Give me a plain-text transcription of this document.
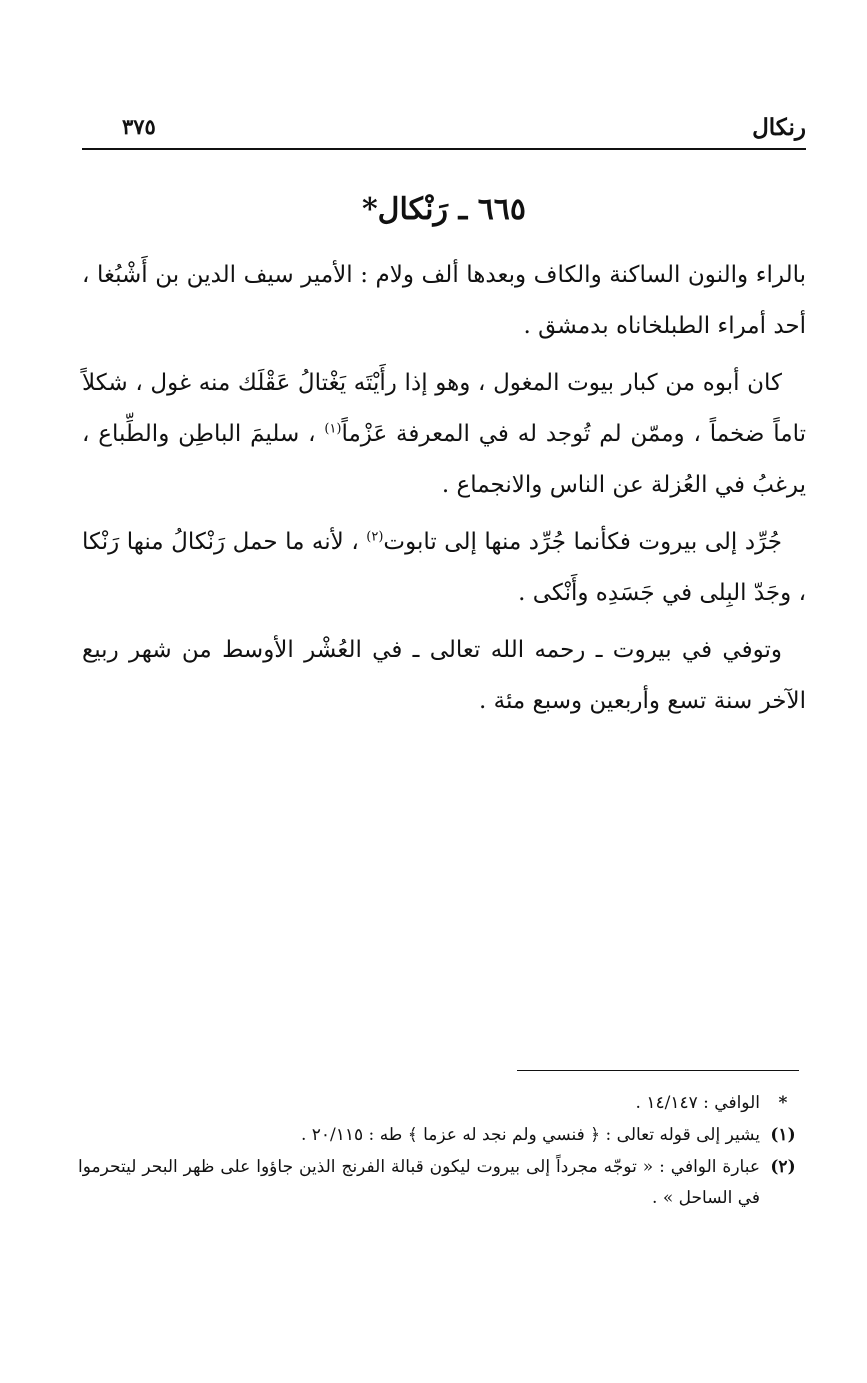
رنكال
٣٧٥
٦٦٥ ـ رَنْكال*

بالراء والنون الساكنة والكاف وبعدها ألف ولام : الأمير سيف الدين بن أَشْبُغا ، أحد أمراء الطبلخاناه بدمشق .

كان أبوه من كبار بيوت المغول ، وهو إذا رأَيْتَه يَغْتالُ عَقْلَك منه غول ، شكلاً تاماً ضخماً ، وممّن لم تُوجد له في المعرفة عَزْماً$^{(١)}$ ، سليمَ الباطِن والطِّباع ، يرغبُ في العُزلة عن الناس والانجماع .

جُرِّد إلى بيروت فكأنما جُرِّد منها إلى تابوت$^{(٢)}$ ، لأنه ما حمل رَنْكالُ منها رَنْكا ، وجَدّ البِلى في جَسَدِه وأَنْكى .

وتوفي في بيروت ـ رحمه الله تعالى ـ في العُشْر الأوسط من شهر ربيع الآخر سنة تسع وأربعين وسبع مئة .

*
الوافي : ١٤/١٤٧ .
(١)
يشير إلى قوله تعالى : ﴿ فنسي ولم نجد له عزما ﴾ طه : ٢٠/١١٥ .
(٢)
عبارة الوافي : « توجّه مجرداً إلى بيروت ليكون قبالة الفرنج الذين جاؤوا على ظهر البحر ليتحرموا في الساحل » .
